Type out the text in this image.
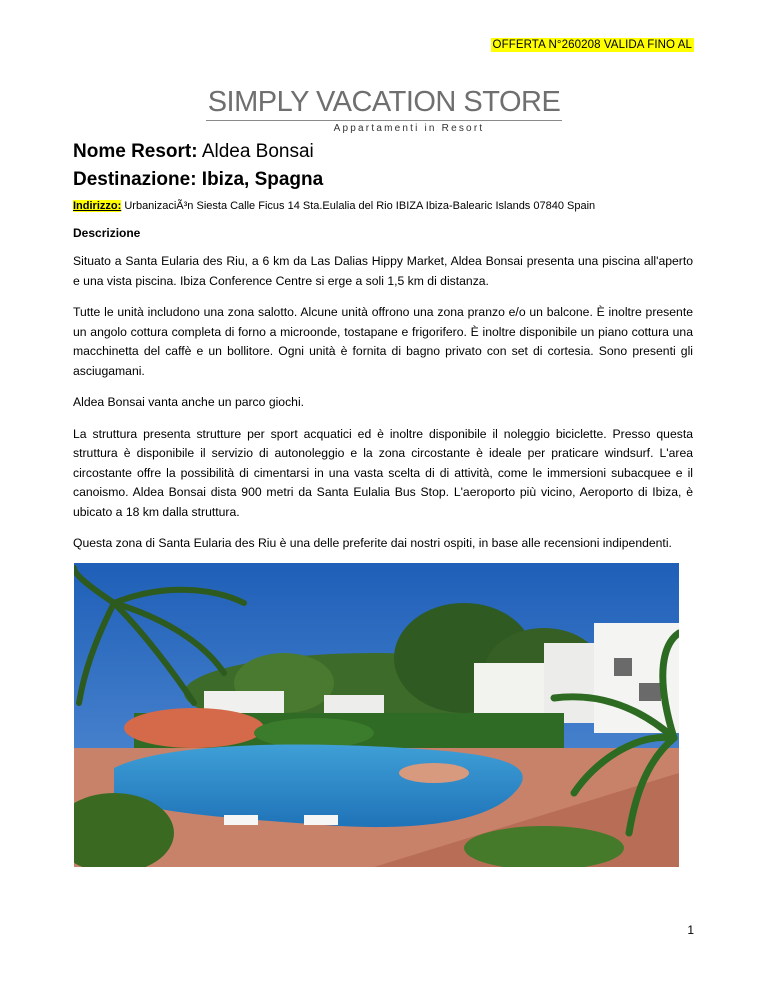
OFFERTA N°260208 VALIDA FINO AL
SIMPLY VACATION STORE
Appartamenti in Resort
Nome Resort: Aldea Bonsai
Destinazione: Ibiza, Spagna
Indirizzo: UrbanizaciÃ³n Siesta Calle Ficus 14 Sta.Eulalia del Rio IBIZA Ibiza-Balearic Islands 07840 Spain
Descrizione

Situato a Santa Eularia des Riu, a 6 km da Las Dalias Hippy Market, Aldea Bonsai presenta una piscina all'aperto e una vista piscina. Ibiza Conference Centre si erge a soli 1,5 km di distanza.

Tutte le unità includono una zona salotto. Alcune unità offrono una zona pranzo e/o un balcone. È inoltre presente un angolo cottura completa di forno a microonde, tostapane e frigorifero. È inoltre disponibile un piano cottura una macchinetta del caffè e un bollitore. Ogni unità è fornita di bagno privato con set di cortesia. Sono presenti gli asciugamani.

Aldea Bonsai vanta anche un parco giochi.

La struttura presenta strutture per sport acquatici ed è inoltre disponibile il noleggio biciclette. Presso questa struttura è disponibile il servizio di autonoleggio e la zona circostante è ideale per praticare windsurf. L'area circostante offre la possibilità di cimentarsi in una vasta scelta di di attività, come le immersioni subacquee e il canoismo. Aldea Bonsai dista 900 metri da Santa Eulalia Bus Stop. L'aeroporto più vicino, Aeroporto di Ibiza, è ubicato a 18 km dalla struttura.

Questa zona di Santa Eularia des Riu è una delle preferite dai nostri ospiti, in base alle recensioni indipendenti.

1
